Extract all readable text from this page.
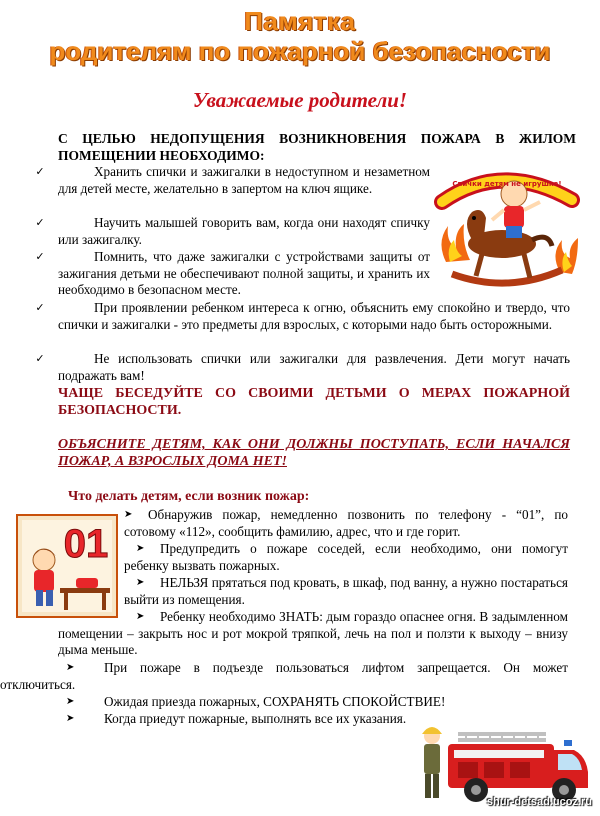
Памятка
родителям по пожарной безопасности
Уважаемые родители!
С ЦЕЛЬЮ НЕДОПУЩЕНИЯ ВОЗНИКНОВЕНИЯ ПОЖАРА В ЖИЛОМ ПОМЕЩЕНИИ НЕОБХОДИМО:
✓	Хранить спички и зажигалки в недоступном и незаметном для детей месте, желательно в запертом на ключ ящике.
✓	Научить малышей говорить вам, когда они находят спичку или зажигалку.
✓	Помнить, что даже зажигалки с устройствами защиты от зажигания детьми не обеспечивают полной защиты, и хранить их необходимо в безопасном месте.
✓	При проявлении ребенком интереса к огню, объяснить ему спокойно и твердо, что спички и зажигалки - это предметы для взрослых, с которыми надо быть осторожными.
✓	Не использовать спички или зажигалки для развлечения. Дети могут начать подражать вам!
ЧАЩЕ БЕСЕДУЙТЕ СО СВОИМИ ДЕТЬМИ О МЕРАХ ПОЖАРНОЙ БЕЗОПАСНОСТИ.
Спички детям не игрушка!
ОБЪЯСНИТЕ ДЕТЯМ, КАК ОНИ ДОЛЖНЫ ПОСТУПАТЬ, ЕСЛИ НАЧАЛСЯ ПОЖАР, А ВЗРОСЛЫХ ДОМА НЕТ!
Что делать детям, если возник пожар:
01
➤ Обнаружив пожар, немедленно позвонить по телефону - “01”, по сотовому «112», сообщить фамилию, адрес, что и где горит.
➤ Предупредить о пожаре соседей, если необходимо, они помогут ребенку вызвать пожарных.
➤ НЕЛЬЗЯ прятаться под кровать, в шкаф, под ванну, а нужно постараться выйти из помещения.
➤ Ребенку необходимо ЗНАТЬ: дым гораздо опаснее огня. В задымленном помещении – закрыть нос и рот мокрой тряпкой, лечь на пол и ползти к выходу – внизу дыма меньше.
➤ При пожаре в подъезде пользоваться лифтом запрещается. Он может отключиться.
➤ Ожидая приезда пожарных, СОХРАНЯТЬ СПОКОЙСТВИЕ!
➤ Когда приедут пожарные, выполнять все их указания.
shur-detsad.ucoz.ru
